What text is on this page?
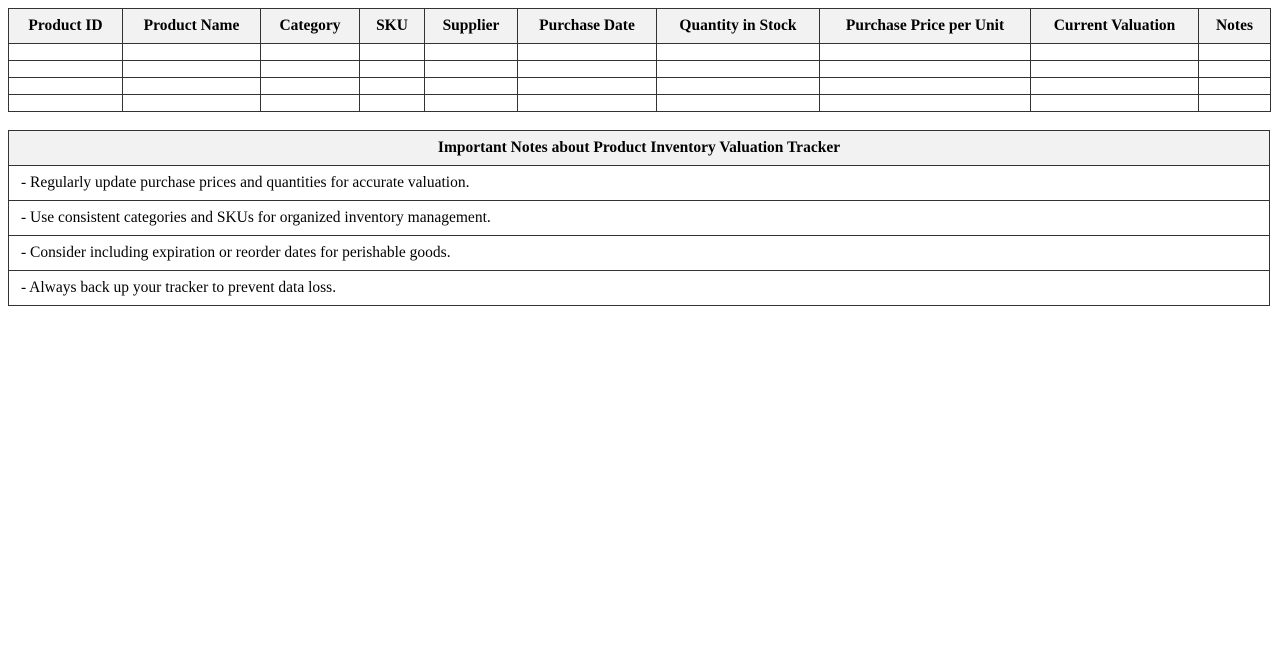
Product ID	Product Name	Category	SKU	Supplier	Purchase Date	Quantity in Stock	Purchase Price per Unit	Current Valuation	Notes

Important Notes about Product Inventory Valuation Tracker
- Regularly update purchase prices and quantities for accurate valuation.
- Use consistent categories and SKUs for organized inventory management.
- Consider including expiration or reorder dates for perishable goods.
- Always back up your tracker to prevent data loss.
